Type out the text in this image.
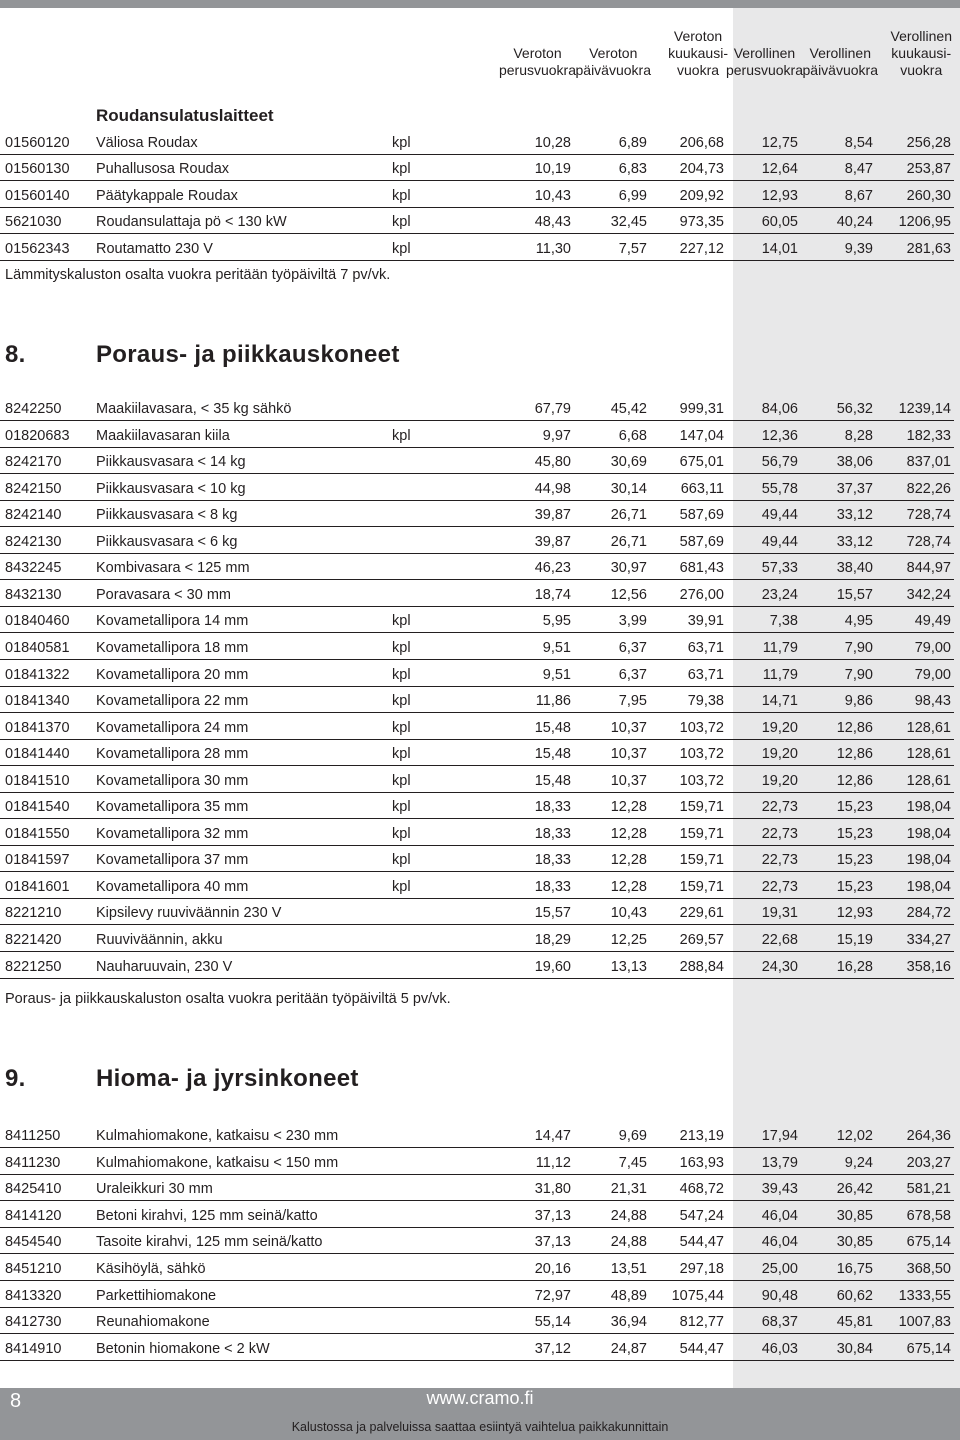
Veroton
perusvuokra
Veroton
päivävuokra
Veroton
kuukausi-
vuokra
Verollinen
perusvuokra
Verollinen
päivävuokra
Verollinen
kuukausi-
vuokra
Roudansulatuslaitteet
01560120 Väliosa Roudax	kpl	10,28	6,89	206,68	12,75	8,54	256,28
01560130 Puhallusosa Roudax	kpl	10,19	6,83	204,73	12,64	8,47	253,87
01560140 Päätykappale Roudax	kpl	10,43	6,99	209,92	12,93	8,67	260,30
5621030 Roudansulattaja pö < 130 kW	kpl	48,43	32,45	973,35	60,05	40,24	1206,95
01562343 Routamatto 230 V	kpl	11,30	7,57	227,12	14,01	9,39	281,63
Lämmityskaluston osalta vuokra peritään työpäiviltä 7 pv/vk.
8.	Poraus- ja piikkauskoneet
8242250 Maakiilavasara, < 35 kg sähkö	67,79	45,42	999,31	84,06	56,32	1239,14
01820683 Maakiilavasaran kiila	kpl	9,97	6,68	147,04	12,36	8,28	182,33
8242170 Piikkausvasara < 14 kg	45,80	30,69	675,01	56,79	38,06	837,01
8242150 Piikkausvasara < 10 kg	44,98	30,14	663,11	55,78	37,37	822,26
8242140 Piikkausvasara < 8 kg	39,87	26,71	587,69	49,44	33,12	728,74
8242130 Piikkausvasara < 6 kg	39,87	26,71	587,69	49,44	33,12	728,74
8432245 Kombivasara < 125 mm	46,23	30,97	681,43	57,33	38,40	844,97
8432130 Poravasara < 30 mm	18,74	12,56	276,00	23,24	15,57	342,24
01840460 Kovametallipora 14 mm	kpl	5,95	3,99	39,91	7,38	4,95	49,49
01840581 Kovametallipora 18 mm	kpl	9,51	6,37	63,71	11,79	7,90	79,00
01841322 Kovametallipora 20 mm	kpl	9,51	6,37	63,71	11,79	7,90	79,00
01841340 Kovametallipora 22 mm	kpl	11,86	7,95	79,38	14,71	9,86	98,43
01841370 Kovametallipora 24 mm	kpl	15,48	10,37	103,72	19,20	12,86	128,61
01841440 Kovametallipora 28 mm	kpl	15,48	10,37	103,72	19,20	12,86	128,61
01841510 Kovametallipora 30 mm	kpl	15,48	10,37	103,72	19,20	12,86	128,61
01841540 Kovametallipora 35 mm	kpl	18,33	12,28	159,71	22,73	15,23	198,04
01841550 Kovametallipora 32 mm	kpl	18,33	12,28	159,71	22,73	15,23	198,04
01841597 Kovametallipora 37 mm	kpl	18,33	12,28	159,71	22,73	15,23	198,04
01841601 Kovametallipora 40 mm	kpl	18,33	12,28	159,71	22,73	15,23	198,04
8221210 Kipsilevy ruuviväännin 230 V	15,57	10,43	229,61	19,31	12,93	284,72
8221420 Ruuviväännin, akku	18,29	12,25	269,57	22,68	15,19	334,27
8221250 Nauharuuvain, 230 V	19,60	13,13	288,84	24,30	16,28	358,16
Poraus- ja piikkauskaluston osalta vuokra peritään työpäiviltä 5 pv/vk.
9.	Hioma- ja jyrsinkoneet
8411250 Kulmahiomakone, katkaisu < 230 mm	14,47	9,69	213,19	17,94	12,02	264,36
8411230 Kulmahiomakone, katkaisu < 150 mm	11,12	7,45	163,93	13,79	9,24	203,27
8425410 Uraleikkuri 30 mm	31,80	21,31	468,72	39,43	26,42	581,21
8414120 Betoni kirahvi, 125 mm seinä/katto	37,13	24,88	547,24	46,04	30,85	678,58
8454540 Tasoite kirahvi, 125 mm seinä/katto	37,13	24,88	544,47	46,04	30,85	675,14
8451210 Käsihöylä, sähkö	20,16	13,51	297,18	25,00	16,75	368,50
8413320 Parkettihiomakone	72,97	48,89	1075,44	90,48	60,62	1333,55
8412730 Reunahiomakone	55,14	36,94	812,77	68,37	45,81	1007,83
8414910 Betonin hiomakone < 2 kW	37,12	24,87	544,47	46,03	30,84	675,14
8	www.cramo.fi
Kalustossa ja palveluissa saattaa esiintyä vaihtelua paikkakunnittain
